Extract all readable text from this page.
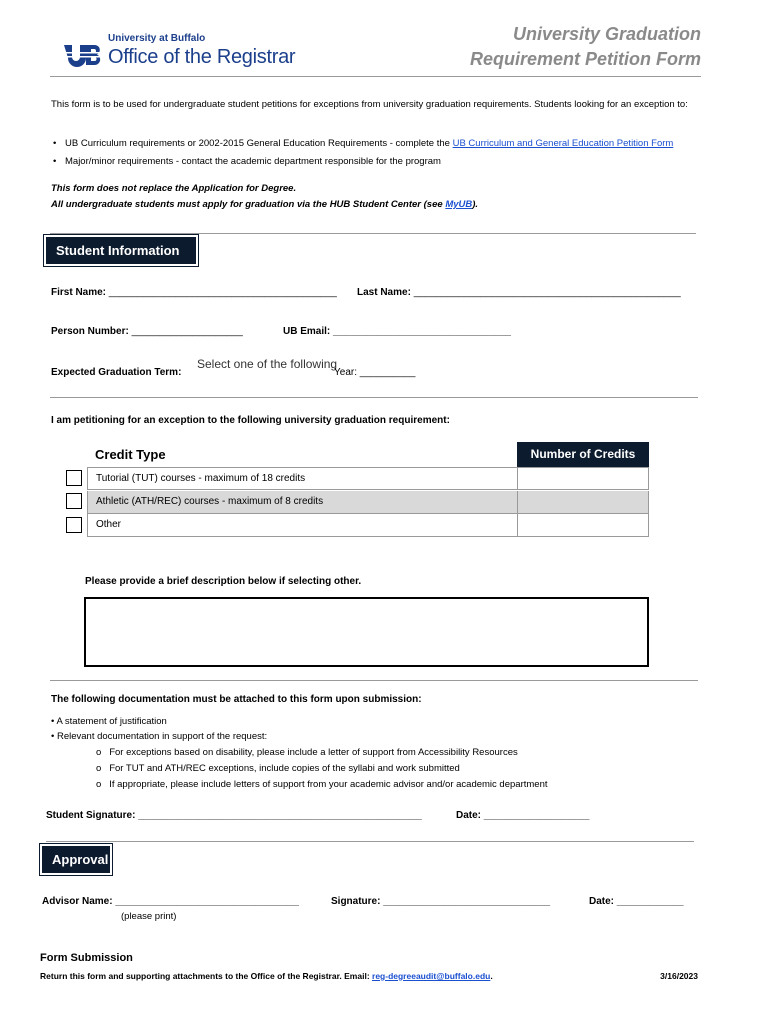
University at Buffalo
Office of the Registrar
University Graduation
Requirement Petition Form
This form is to be used for undergraduate student petitions for exceptions from university graduation requirements. Students looking for an exception to:
• UB Curriculum requirements or 2002-2015 General Education Requirements - complete the UB Curriculum and General Education Petition Form
• Major/minor requirements - contact the academic department responsible for the program
This form does not replace the Application for Degree.
All undergraduate students must apply for graduation via the HUB Student Center (see MyUB).
Student Information
First Name: _________________________________________ Last Name: ________________________________________________
Person Number: ____________________	UB Email: ________________________________
Expected Graduation Term:
Select one of the following
Year: __________
I am petitioning for an exception to the following university graduation requirement:
Credit Type	Number of Credits
Tutorial (TUT) courses - maximum of 18 credits
Athletic (ATH/REC) courses - maximum of 8 credits
Other
Please provide a brief description below if selecting other.
The following documentation must be attached to this form upon submission:
• A statement of justification
• Relevant documentation in support of the request:
o   For exceptions based on disability, please include a letter of support from Accessibility Resources
o   For TUT and ATH/REC exceptions, include copies of the syllabi and work submitted
o   If appropriate, please include letters of support from your academic advisor and/or academic department
Student Signature: ___________________________________________________	Date: ___________________
Approval
Advisor Name: _________________________________	Signature: ______________________________	Date: ____________
(please print)
Form Submission
Return this form and supporting attachments to the Office of the Registrar. Email: reg-degreeaudit@buffalo.edu.	3/16/2023
